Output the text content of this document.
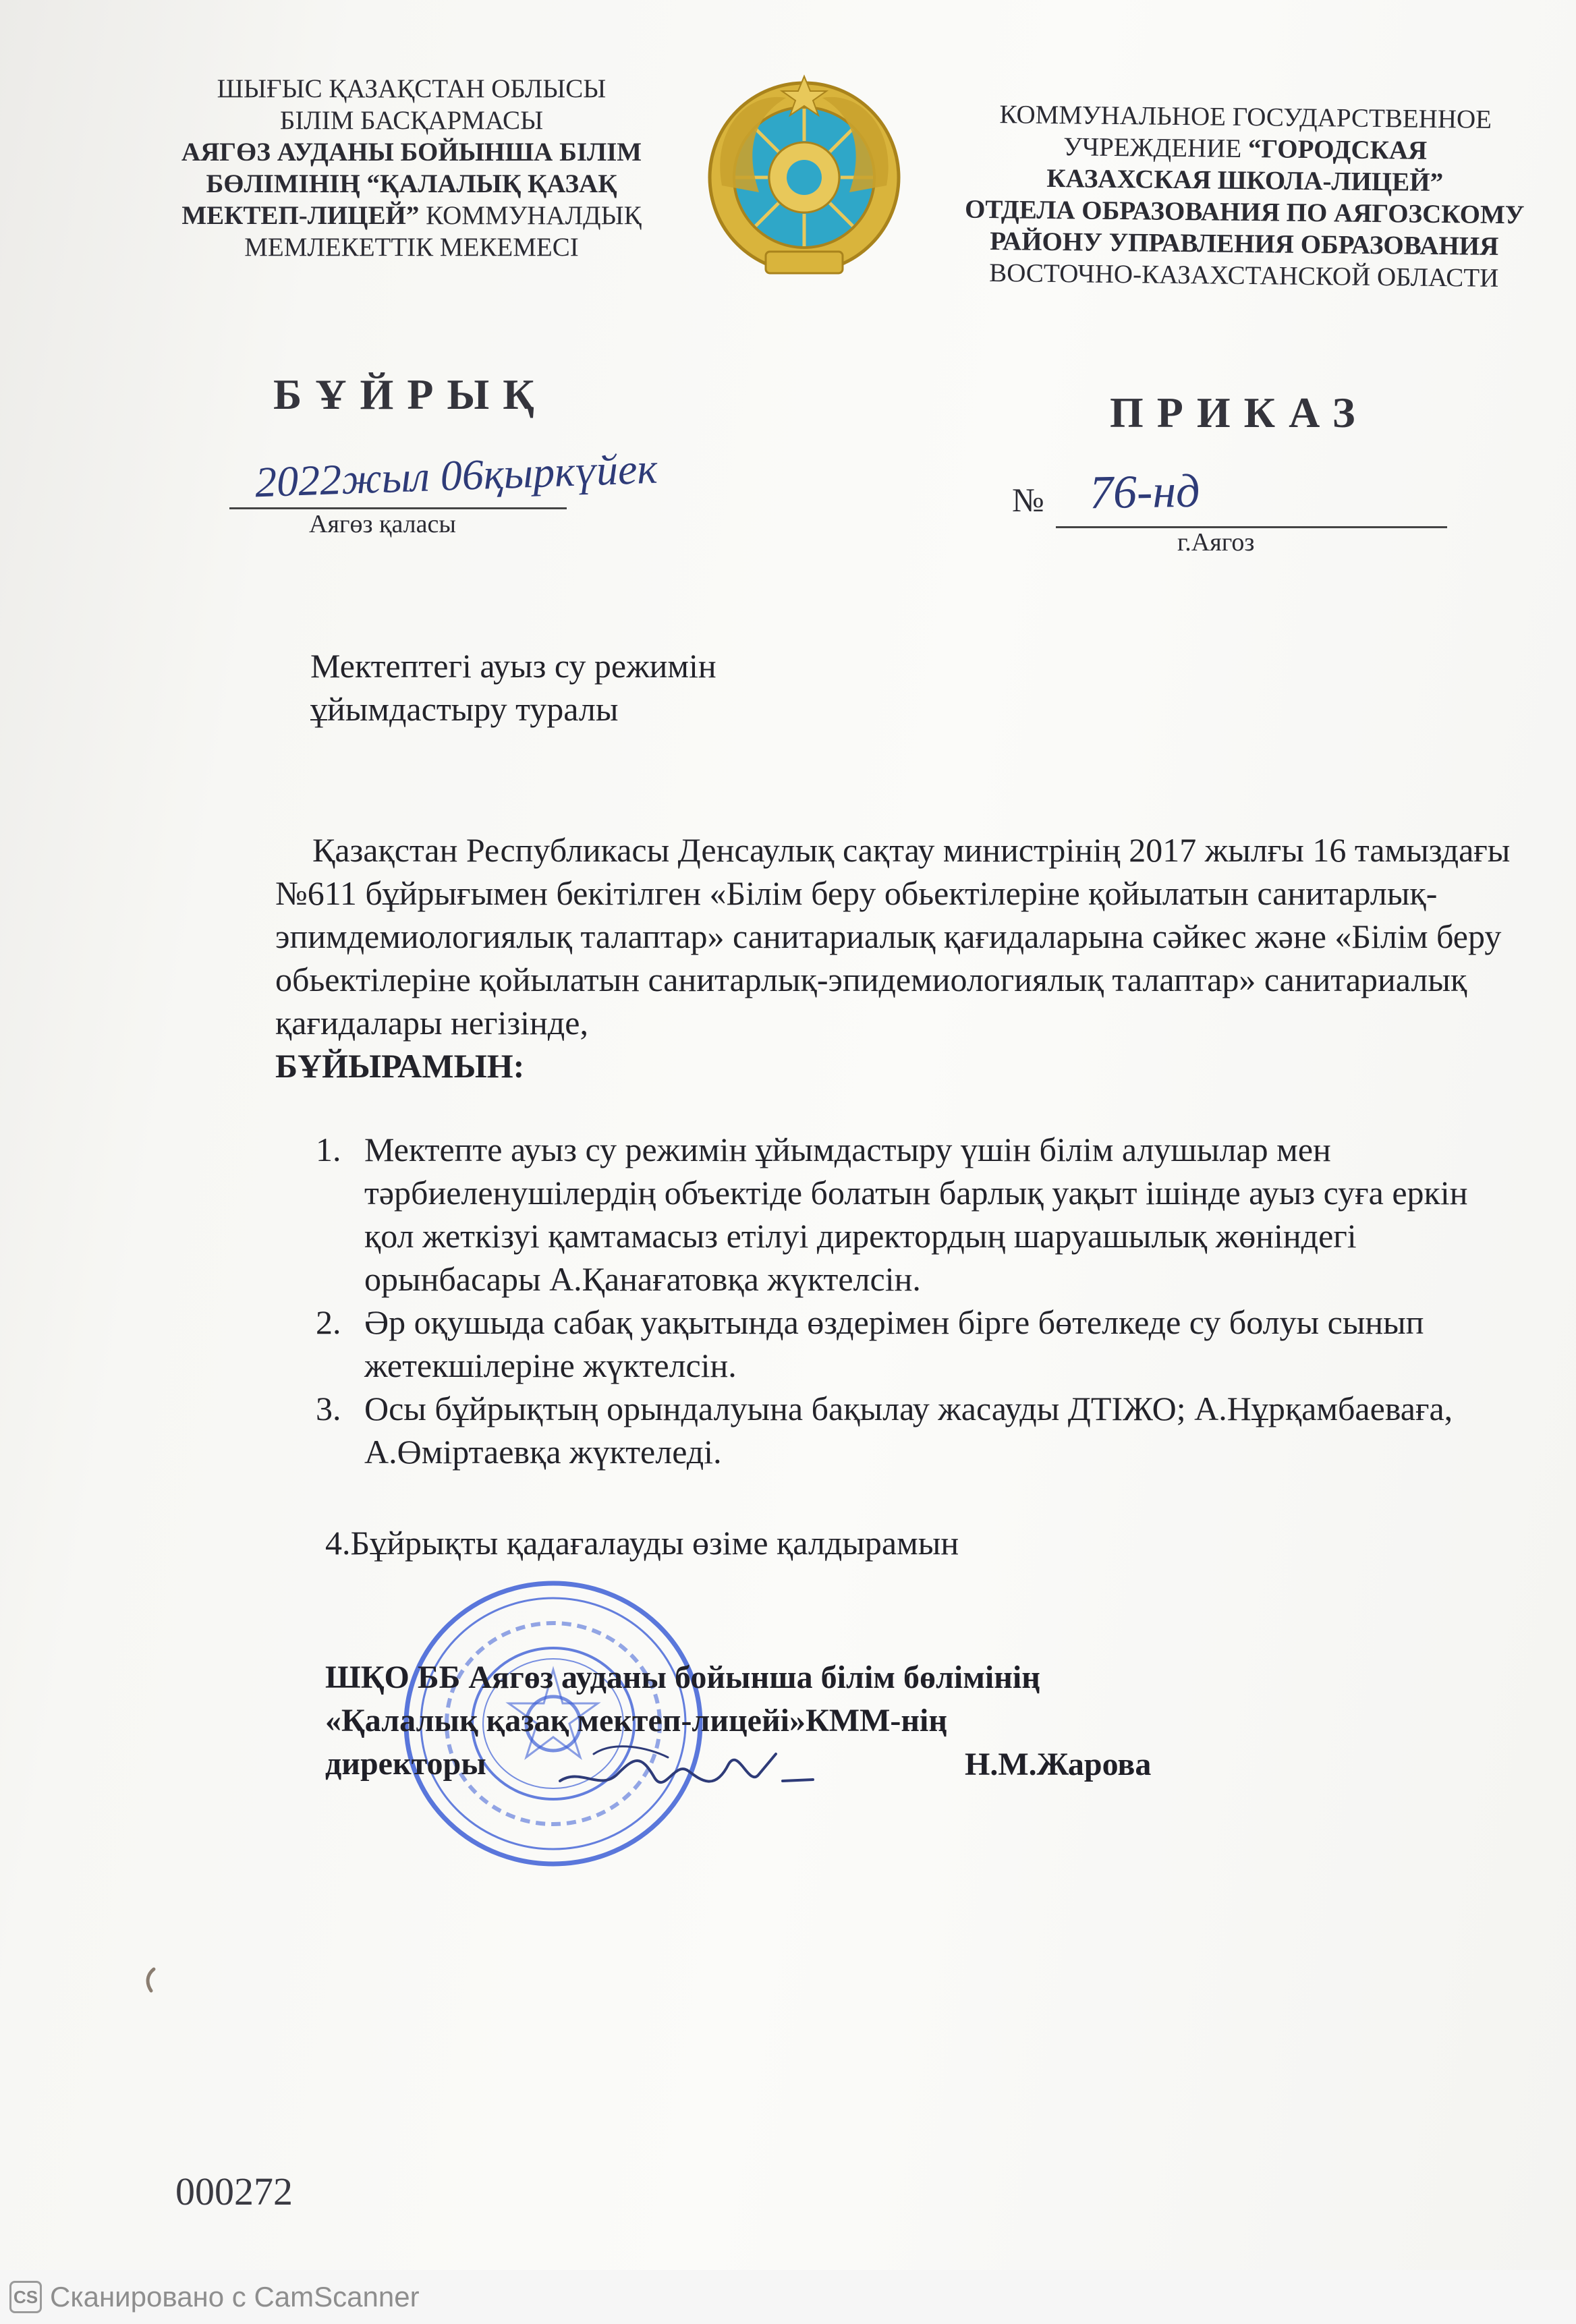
ШЫҒЫС ҚАЗАҚСТАН ОБЛЫСЫ
БІЛІМ БАСҚАРМАСЫ
АЯГӨЗ АУДАНЫ БОЙЫНША БІЛІМ
БӨЛІМІНІҢ “ҚАЛАЛЫҚ ҚАЗАҚ
МЕКТЕП-ЛИЦЕЙ” КОММУНАЛДЫҚ
МЕМЛЕКЕТТІК МЕКЕМЕСІ
КОММУНАЛЬНОЕ ГОСУДАРСТВЕННОЕ
УЧРЕЖДЕНИЕ “ГОРОДСКАЯ
КАЗАХСКАЯ ШКОЛА-ЛИЦЕЙ”
ОТДЕЛА ОБРАЗОВАНИЯ ПО АЯГОЗСКОМУ
РАЙОНУ УПРАВЛЕНИЯ ОБРАЗОВАНИЯ
ВОСТОЧНО-КАЗАХСТАНСКОЙ ОБЛАСТИ
БҰЙРЫҚ	ПРИКАЗ
2022жыл 06қыркүйек
Аягөз қаласы
№ 76-нд
г.Аягоз
Мектептегі ауыз су режимін
ұйымдастыру туралы

Қазақстан Республикасы Денсаулық сақтау министрінің 2017 жылғы 16 тамыздағы №611 бұйрығымен бекітілген «Білім беру обьектілеріне қойылатын санитарлық-эпимдемиологиялық талаптар» санитариалық қағидаларына сәйкес және «Білім беру обьектілеріне қойылатын санитарлық-эпидемиологиялық талаптар» санитариалық қағидалары негізінде,

БҰЙЫРАМЫН:
1. Мектепте ауыз су режимін ұйымдастыру үшін білім алушылар мен тәрбиеленушілердің объектіде болатын барлық уақыт ішінде ауыз суға еркін қол жеткізуі қамтамасыз етілуі директордың шаруашылық жөніндегі орынбасары А.Қанағатовқа жүктелсін.
2. Әр оқушыда сабақ уақытында өздерімен бірге бөтелкеде су болуы сынып жетекшілеріне жүктелсін.
3. Осы бұйрықтың орындалуына бақылау жасауды ДТІЖО; А.Нұрқамбаеваға, А.Өміртаевқа жүктеледі.
4.Бұйрықты қадағалауды өзіме қалдырамын
ШҚО ББ Аягөз ауданы бойынша білім бөлімінің
«Қалалық қазақ мектеп-лицейі»КММ-нің
директоры	Н.М.Жарова
000272
CS Сканировано с CamScanner
